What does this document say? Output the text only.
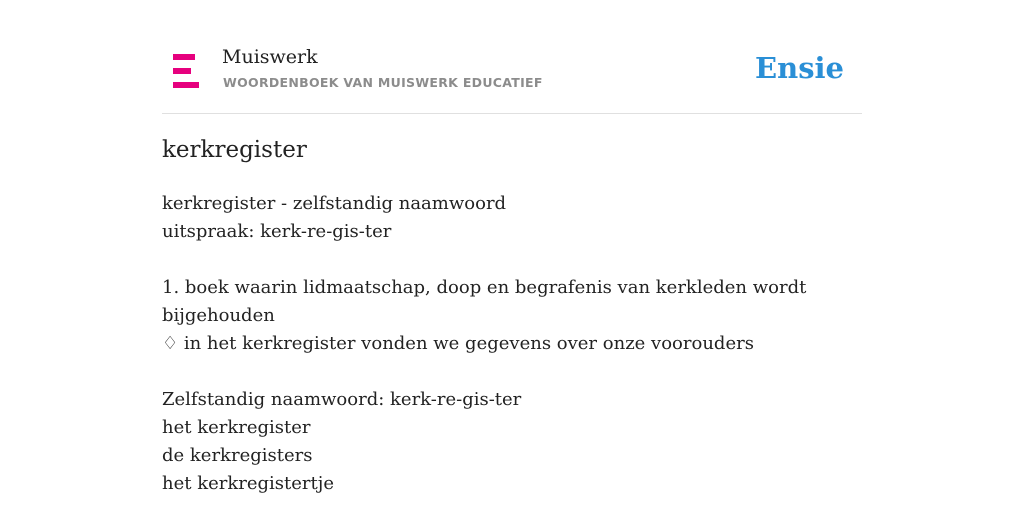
Muiswerk
WOORDENBOEK VAN MUISWERK EDUCATIEF	Ensie
kerkregister
kerkregister - zelfstandig naamwoord
uitspraak: kerk-re-gis-ter
1. boek waarin lidmaatschap, doop en begrafenis van kerkleden wordt
bijgehouden
♢ in het kerkregister vonden we gegevens over onze voorouders
Zelfstandig naamwoord: kerk-re-gis-ter
het kerkregister
de kerkregisters
het kerkregistertje
